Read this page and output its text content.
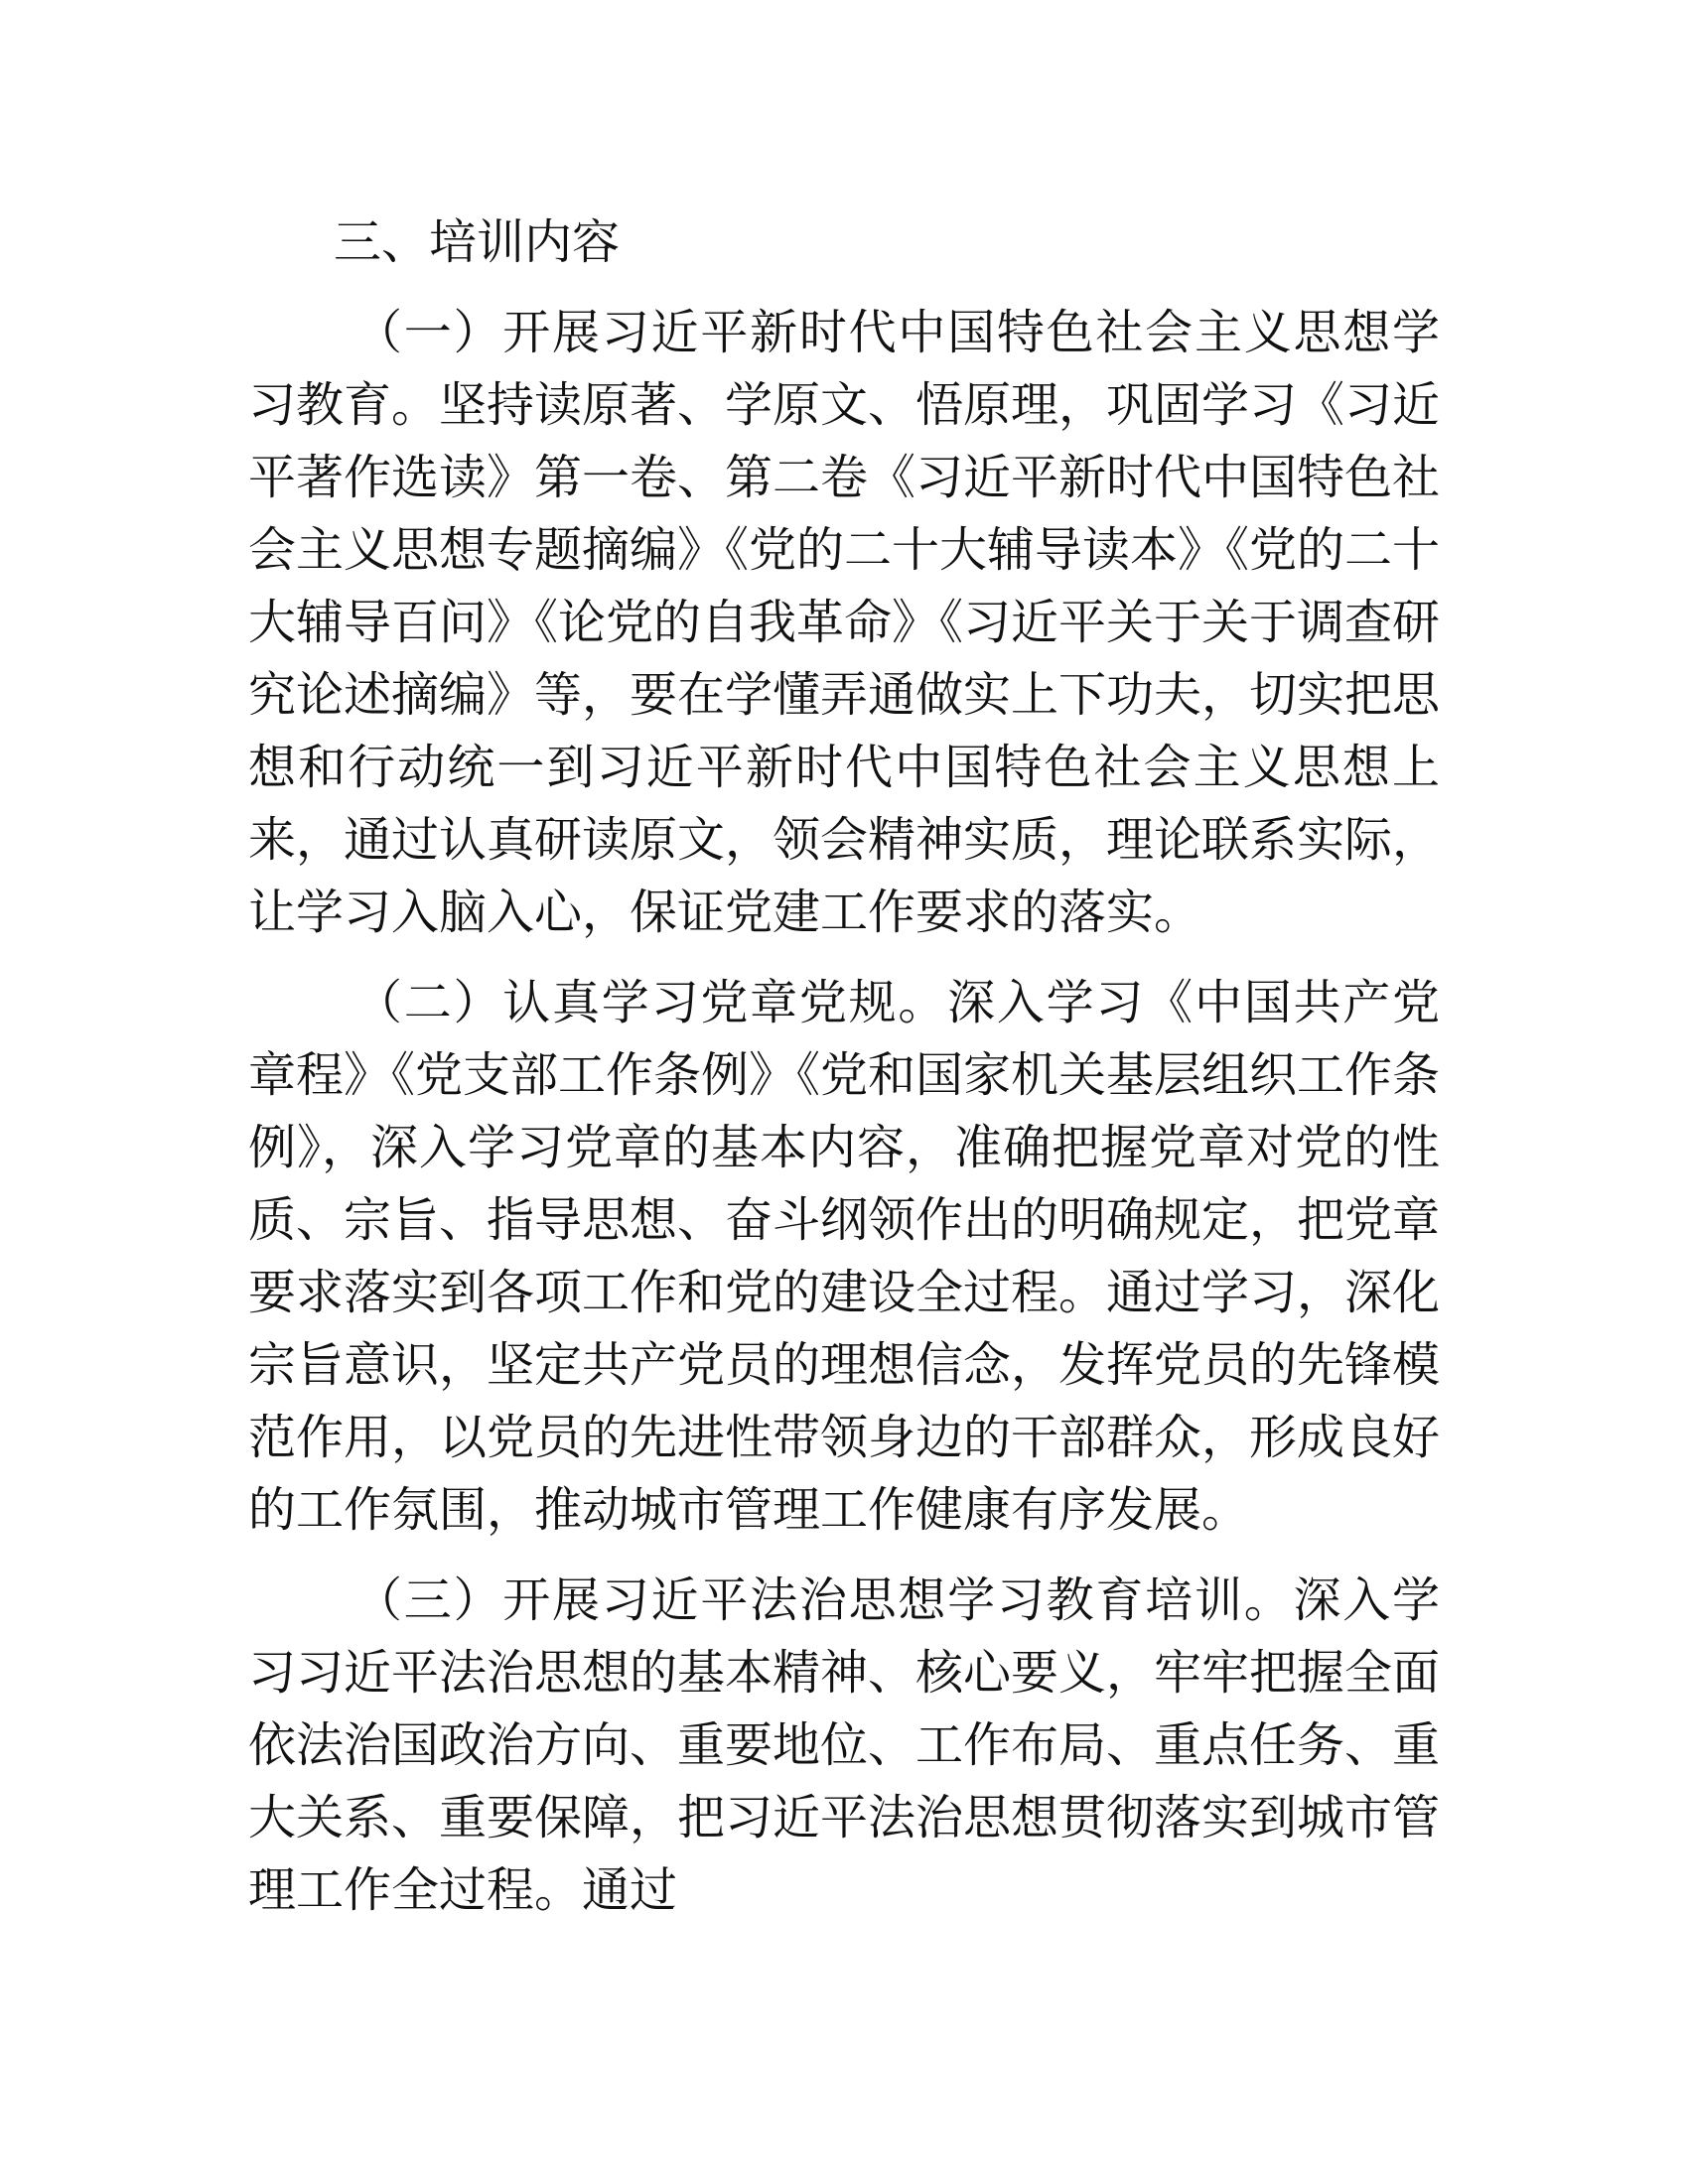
三、培训内容

（一）开展习近平新时代中国特色社会主义思想学习教育。坚持读原著、学原文、悟原理，巩固学习《习近平著作选读》第一卷、第二卷《习近平新时代中国特色社会主义思想专题摘编》《党的二十大辅导读本》《党的二十大辅导百问》《论党的自我革命》《习近平关于关于调查研究论述摘编》等，要在学懂弄通做实上下功夫，切实把思想和行动统一到习近平新时代中国特色社会主义思想上来，通过认真研读原文，领会精神实质，理论联系实际，让学习入脑入心，保证党建工作要求的落实。

（二）认真学习党章党规。深入学习《中国共产党章程》《党支部工作条例》《党和国家机关基层组织工作条例》，深入学习党章的基本内容，准确把握党章对党的性质、宗旨、指导思想、奋斗纲领作出的明确规定，把党章要求落实到各项工作和党的建设全过程。通过学习，深化宗旨意识，坚定共产党员的理想信念，发挥党员的先锋模范作用，以党员的先进性带领身边的干部群众，形成良好的工作氛围，推动城市管理工作健康有序发展。

（三）开展习近平法治思想学习教育培训。深入学习习近平法治思想的基本精神、核心要义，牢牢把握全面依法治国政治方向、重要地位、工作布局、重点任务、重大关系、重要保障，把习近平法治思想贯彻落实到城市管理工作全过程。通过
